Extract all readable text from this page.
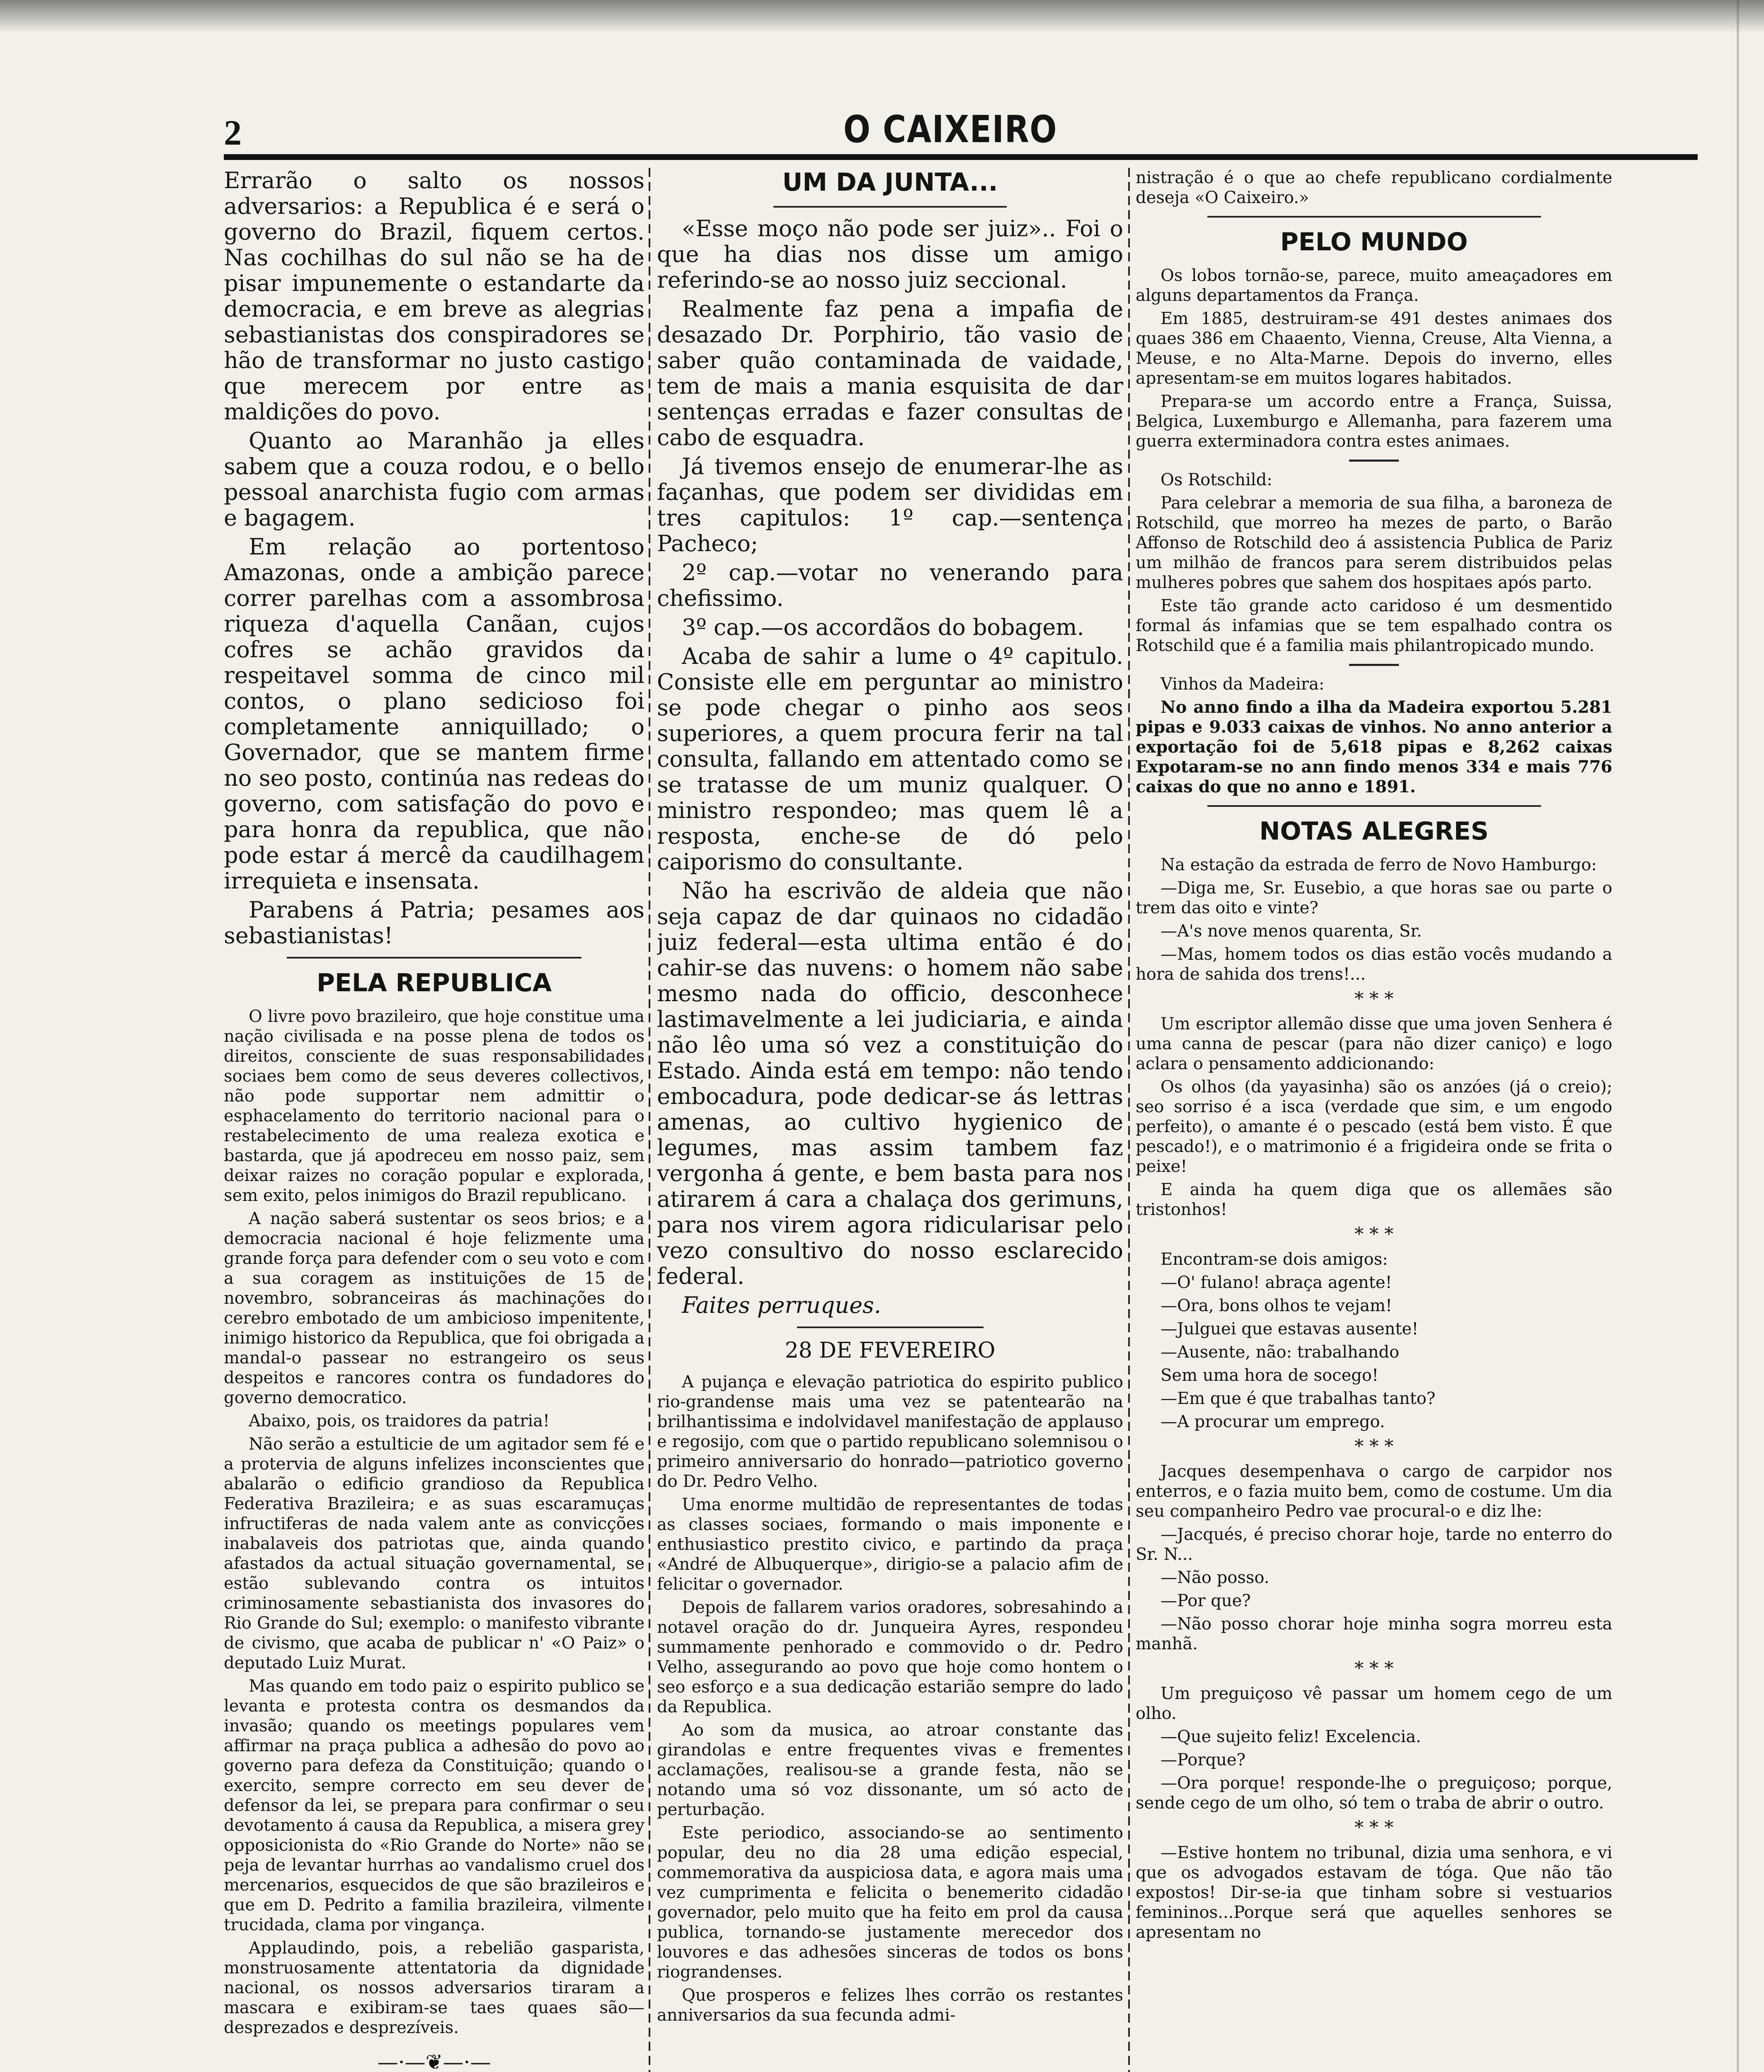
2	O CAIXEIRO

Errarão o salto os nossos adversarios: a Republica é e será o governo do Brazil, fiquem certos. Nas cochilhas do sul não se ha de pisar impunemente o estandarte da democracia, e em breve as alegrias sebastianistas dos conspiradores se hão de transformar no justo castigo que merecem por entre as maldições do povo.

Quanto ao Maranhão ja elles sabem que a couza rodou, e o bello pessoal anarchista fugio com armas e bagagem.

Em relação ao portentoso Amazonas, onde a ambição parece correr parelhas com a assombrosa riqueza d'aquella Canãan, cujos cofres se achão gravidos da respeitavel somma de cinco mil contos, o plano sedicioso foi completamente anniquillado; o Governador, que se mantem firme no seo posto, continúa nas redeas do governo, com satisfação do povo e para honra da republica, que não pode estar á mercê da caudilhagem irrequieta e insensata.

Parabens á Patria; pesames aos sebastianistas!

PELA REPUBLICA

O livre povo brazileiro, que hoje constitue uma nação civilisada e na posse plena de todos os direitos, consciente de suas responsabilidades sociaes bem como de seus deveres collectivos, não pode supportar nem admittir o esphacelamento do territorio nacional para o restabelecimento de uma realeza exotica e bastarda, que já apodreceu em nosso paiz, sem deixar raizes no coração popular e explorada, sem exito, pelos inimigos do Brazil republicano.

A nação saberá sustentar os seos brios; e a democracia nacional é hoje felizmente uma grande força para defender com o seu voto e com a sua coragem as instituições de 15 de novembro, sobranceiras ás machinações do cerebro embotado de um ambicioso impenitente, inimigo historico da Republica, que foi obrigada a mandal-o passear no estrangeiro os seus despeitos e rancores contra os fundadores do governo democratico.

Abaixo, pois, os traidores da patria!

Não serão a estulticie de um agitador sem fé e a protervia de alguns infelizes inconscientes que abalarão o edificio grandioso da Republica Federativa Brazileira; e as suas escaramuças infructiferas de nada valem ante as convicções inabalaveis dos patriotas que, ainda quando afastados da actual situação governamental, se estão sublevando contra os intuitos criminosamente sebastianista dos invasores do Rio Grande do Sul; exemplo: o manifesto vibrante de civismo, que acaba de publicar n' «O Paiz» o deputado Luiz Murat.

Mas quando em todo paiz o espirito publico se levanta e protesta contra os desmandos da invasão; quando os meetings populares vem affirmar na praça publica a adhesão do povo ao governo para defeza da Constituição; quando o exercito, sempre correcto em seu dever de defensor da lei, se prepara para confirmar o seu devotamento á causa da Republica, a misera grey opposicionista do «Rio Grande do Norte» não se peja de levantar hurrhas ao vandalismo cruel dos mercenarios, esquecidos de que são brazileiros e que em D. Pedrito a familia brazileira, vilmente trucidada, clama por vingança.

Applaudindo, pois, a rebelião gasparista, monstruosamente attentatoria da dignidade nacional, os nossos adversarios tiraram a mascara e exibiram-se taes quaes são—desprezados e desprezíveis.

—·—❦—·—
UM DA JUNTA...

«Esse moço não pode ser juiz».. Foi o que ha dias nos disse um amigo referindo-se ao nosso juiz seccional.

Realmente faz pena a impafia de desazado Dr. Porphirio, tão vasio de saber quão contaminada de vaidade, tem de mais a mania esquisita de dar sentenças erradas e fazer consultas de cabo de esquadra.

Já tivemos ensejo de enumerar-lhe as façanhas, que podem ser divididas em tres capitulos: 1º cap.—sentença Pacheco;

2º cap.—votar no venerando para chefissimo.

3º cap.—os accordãos do bobagem.

Acaba de sahir a lume o 4º capitulo. Consiste elle em perguntar ao ministro se pode chegar o pinho aos seos superiores, a quem procura ferir na tal consulta, fallando em attentado como se se tratasse de um muniz qualquer. O ministro respondeo; mas quem lê a resposta, enche-se de dó pelo caiporismo do consultante.

Não ha escrivão de aldeia que não seja capaz de dar quinaos no cidadão juiz federal—esta ultima então é do cahir-se das nuvens: o homem não sabe mesmo nada do officio, desconhece lastimavelmente a lei judiciaria, e ainda não lêo uma só vez a constituição do Estado. Ainda está em tempo: não tendo embocadura, pode dedicar-se ás lettras amenas, ao cultivo hygienico de legumes, mas assim tambem faz vergonha á gente, e bem basta para nos atirarem á cara a chalaça dos gerimuns, para nos virem agora ridicularisar pelo vezo consultivo do nosso esclarecido federal.

Faites perruques.

28 DE FEVEREIRO

A pujança e elevação patriotica do espirito publico rio-grandense mais uma vez se patentearão na brilhantissima e indolvidavel manifestação de applauso e regosijo, com que o partido republicano solemnisou o primeiro anniversario do honrado—patriotico governo do Dr. Pedro Velho.

Uma enorme multidão de representantes de todas as classes sociaes, formando o mais imponente e enthusiastico prestito civico, e partindo da praça «André de Albuquerque», dirigio-se a palacio afim de felicitar o governador.

Depois de fallarem varios oradores, sobresahindo a notavel oração do dr. Junqueira Ayres, respondeu summamente penhorado e commovido o dr. Pedro Velho, assegurando ao povo que hoje como hontem o seo esforço e a sua dedicação estarião sempre do lado da Republica.

Ao som da musica, ao atroar constante das girandolas e entre frequentes vivas e frementes acclamações, realisou-se a grande festa, não se notando uma só voz dissonante, um só acto de perturbação.

Este periodico, associando-se ao sentimento popular, deu no dia 28 uma edição especial, commemorativa da auspiciosa data, e agora mais uma vez cumprimenta e felicita o benemerito cidadão governador, pelo muito que ha feito em prol da causa publica, tornando-se justamente merecedor dos louvores e das adhesões sinceras de todos os bons riograndenses.

Que prosperos e felizes lhes corrão os restantes anniversarios da sua fecunda admi-

nistração é o que ao chefe republicano cordialmente deseja «O Caixeiro.»

PELO MUNDO

Os lobos tornão-se, parece, muito ameaçadores em alguns departamentos da França.

Em 1885, destruiram-se 491 destes animaes dos quaes 386 em Chaaento, Vienna, Creuse, Alta Vienna, a Meuse, e no Alta-Marne. Depois do inverno, elles apresentam-se em muitos logares habitados.

Prepara-se um accordo entre a França, Suissa, Belgica, Luxemburgo e Allemanha, para fazerem uma guerra exterminadora contra estes animaes.

Os Rotschild:

Para celebrar a memoria de sua filha, a baroneza de Rotschild, que morreo ha mezes de parto, o Barão Affonso de Rotschild deo á assistencia Publica de Pariz um milhão de francos para serem distribuidos pelas mulheres pobres que sahem dos hospitaes após parto.

Este tão grande acto caridoso é um desmentido formal ás infamias que se tem espalhado contra os Rotschild que é a familia mais philantropicado mundo.

Vinhos da Madeira:

No anno findo a ilha da Madeira exportou 5.281 pipas e 9.033 caixas de vinhos. No anno anterior a exportação foi de 5,618 pipas e 8,262 caixas Expotaram-se no ann findo menos 334 e mais 776 caixas do que no anno e 1891.

NOTAS ALEGRES

Na estação da estrada de ferro de Novo Hamburgo:

—Diga me, Sr. Eusebio, a que horas sae ou parte o trem das oito e vinte?

—A's nove menos quarenta, Sr.

—Mas, homem todos os dias estão vocês mudando a hora de sahida dos trens!...

* * *

Um escriptor allemão disse que uma joven Senhera é uma canna de pescar (para não dizer caniço) e logo aclara o pensamento addicionando:

Os olhos (da yayasinha) são os anzóes (já o creio); seo sorriso é a isca (verdade que sim, e um engodo perfeito), o amante é o pescado (está bem visto. É que pescado!), e o matrimonio é a frigideira onde se frita o peixe!

E ainda ha quem diga que os allemães são tristonhos!

* * *

Encontram-se dois amigos:

—O' fulano! abraça agente!

—Ora, bons olhos te vejam!

—Julguei que estavas ausente!

—Ausente, não: trabalhando

Sem uma hora de socego!

—Em que é que trabalhas tanto?

—A procurar um emprego.

* * *

Jacques desempenhava o cargo de carpidor nos enterros, e o fazia muito bem, como de costume. Um dia seu companheiro Pedro vae procural-o e diz lhe:

—Jacqués, é preciso chorar hoje, tarde no enterro do Sr. N...

—Não posso.

—Por que?

—Não posso chorar hoje minha sogra morreu esta manhã.

* * *

Um preguiçoso vê passar um homem cego de um olho.

—Que sujeito feliz! Excelencia.

—Porque?

—Ora porque! responde-lhe o preguiçoso; porque, sende cego de um olho, só tem o traba de abrir o outro.

* * *

—Estive hontem no tribunal, dizia uma senhora, e vi que os advogados estavam de tóga. Que não tão expostos! Dir-se-ia que tinham sobre si vestuarios femininos...Porque será que aquelles senhores se apresentam no
